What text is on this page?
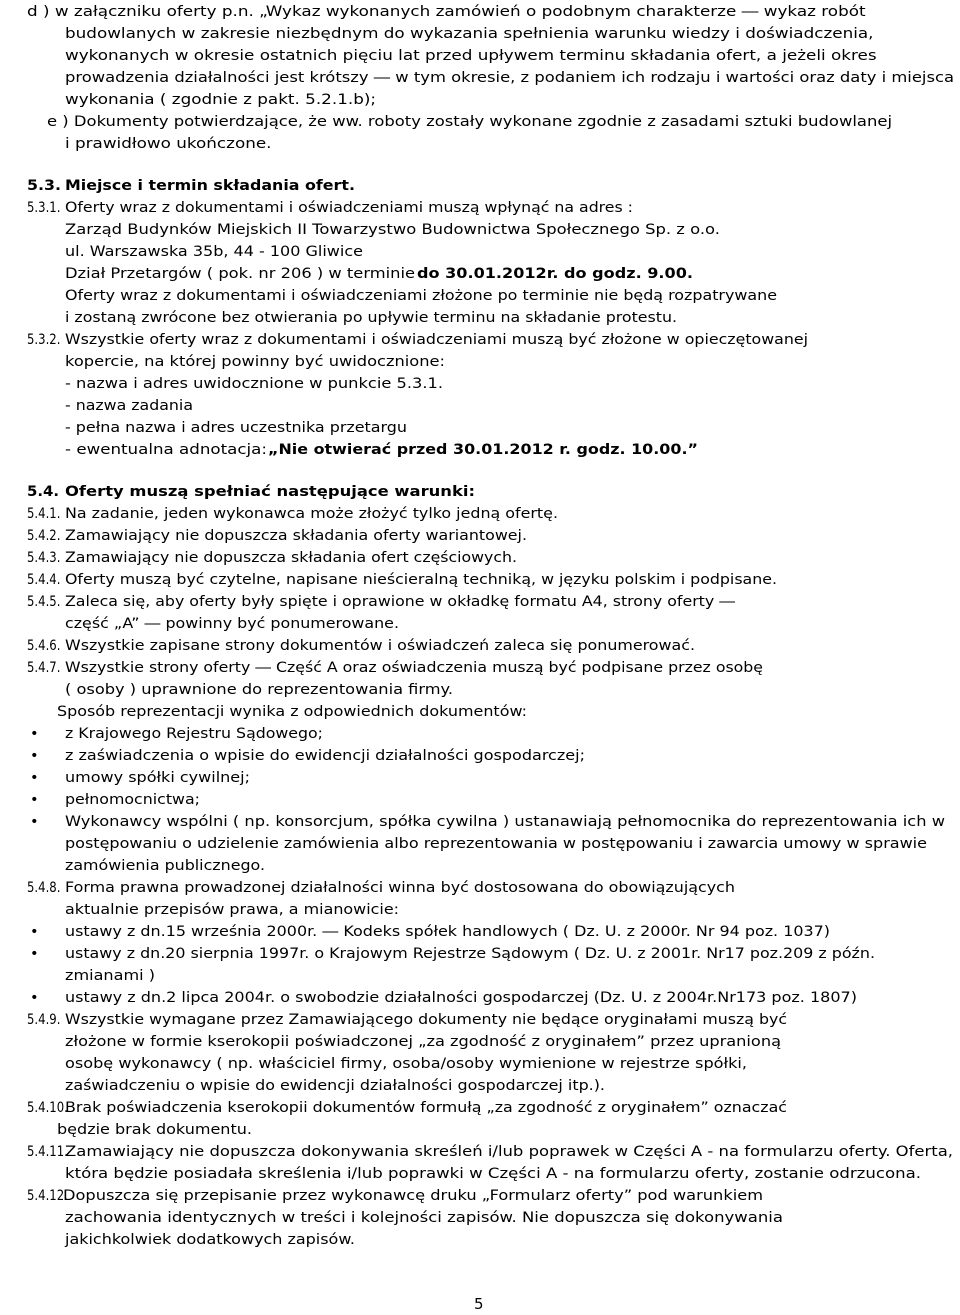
d ) w załączniku oferty p.n. „Wykaz wykonanych zamówień o podobnym charakterze ― wykaz robót
budowlanych w zakresie niezbędnym do wykazania spełnienia warunku wiedzy i doświadczenia,
wykonanych w okresie ostatnich pięciu lat przed upływem terminu składania ofert, a jeżeli okres
prowadzenia działalności jest krótszy ― w tym okresie, z podaniem ich rodzaju i wartości oraz daty i miejsca
wykonania ( zgodnie z pakt. 5.2.1.b);
e ) Dokumenty potwierdzające, że ww. roboty zostały wykonane zgodnie z zasadami sztuki budowlanej
i prawidłowo ukończone.
5.3. Miejsce i termin składania ofert.
5.3.1. Oferty wraz z dokumentami i oświadczeniami muszą wpłynąć na adres :
Zarząd Budynków Miejskich II Towarzystwo Budownictwa Społecznego Sp. z o.o.
ul. Warszawska 35b, 44 - 100 Gliwice
Dział Przetargów ( pok. nr 206 ) w terminie do 30.01.2012r. do godz. 9.00.
Oferty wraz z dokumentami i oświadczeniami złożone po terminie nie będą rozpatrywane
i zostaną zwrócone bez otwierania po upływie terminu na składanie protestu.
5.3.2. Wszystkie oferty wraz z dokumentami i oświadczeniami muszą być złożone w opieczętowanej
kopercie, na której powinny być uwidocznione:
- nazwa i adres uwidocznione w punkcie 5.3.1.
- nazwa zadania
- pełna nazwa i adres uczestnika przetargu
- ewentualna adnotacja: „Nie otwierać przed 30.01.2012 r. godz. 10.00.”
5.4. Oferty muszą spełniać następujące warunki:
5.4.1. Na zadanie, jeden wykonawca może złożyć tylko jedną ofertę.
5.4.2. Zamawiający nie dopuszcza składania oferty wariantowej.
5.4.3. Zamawiający nie dopuszcza składania ofert częściowych.
5.4.4. Oferty muszą być czytelne, napisane nieścieralną techniką, w języku polskim i podpisane.
5.4.5. Zaleca się, aby oferty były spięte i oprawione w okładkę formatu A4, strony oferty ―
część „A” ― powinny być ponumerowane.
5.4.6. Wszystkie zapisane strony dokumentów i oświadczeń zaleca się ponumerować.
5.4.7. Wszystkie strony oferty ― Część A oraz oświadczenia muszą być podpisane przez osobę
( osoby ) uprawnione do reprezentowania firmy.
Sposób reprezentacji wynika z odpowiednich dokumentów:
z Krajowego Rejestru Sądowego;
•
z zaświadczenia o wpisie do ewidencji działalności gospodarczej;
•
umowy spółki cywilnej;
•
pełnomocnictwa;
•
Wykonawcy wspólni ( np. konsorcjum, spółka cywilna ) ustanawiają pełnomocnika do reprezentowania ich w
•
postępowaniu o udzielenie zamówienia albo reprezentowania w postępowaniu i zawarcia umowy w sprawie
zamówienia publicznego.
5.4.8. Forma prawna prowadzonej działalności winna być dostosowana do obowiązujących
aktualnie przepisów prawa, a mianowicie:
ustawy z dn.15 września 2000r. ― Kodeks spółek handlowych ( Dz. U. z 2000r. Nr 94 poz. 1037)
•
ustawy z dn.20 sierpnia 1997r. o Krajowym Rejestrze Sądowym ( Dz. U. z 2001r. Nr17 poz.209 z późn.
•
zmianami )
ustawy z dn.2 lipca 2004r. o swobodzie działalności gospodarczej (Dz. U. z 2004r.Nr173 poz. 1807)
•
5.4.9. Wszystkie wymagane przez Zamawiającego dokumenty nie będące oryginałami muszą być
złożone w formie kserokopii poświadczonej „za zgodność z oryginałem” przez upranioną
osobę wykonawcy ( np. właściciel firmy, osoba/osoby wymienione w rejestrze spółki,
zaświadczeniu o wpisie do ewidencji działalności gospodarczej itp.).
5.4.10.
Brak poświadczenia kserokopii dokumentów formułą „za zgodność z oryginałem” oznaczać
będzie brak dokumentu.
5.4.11.
Zamawiający nie dopuszcza dokonywania skreśleń i/lub poprawek w Części A - na formularzu oferty. Oferta,
która będzie posiadała skreślenia i/lub poprawki w Części A - na formularzu oferty, zostanie odrzucona.
5.4.12.
Dopuszcza się przepisanie przez wykonawcę druku „Formularz oferty” pod warunkiem
zachowania identycznych w treści i kolejności zapisów. Nie dopuszcza się dokonywania
jakichkolwiek dodatkowych zapisów.
5
